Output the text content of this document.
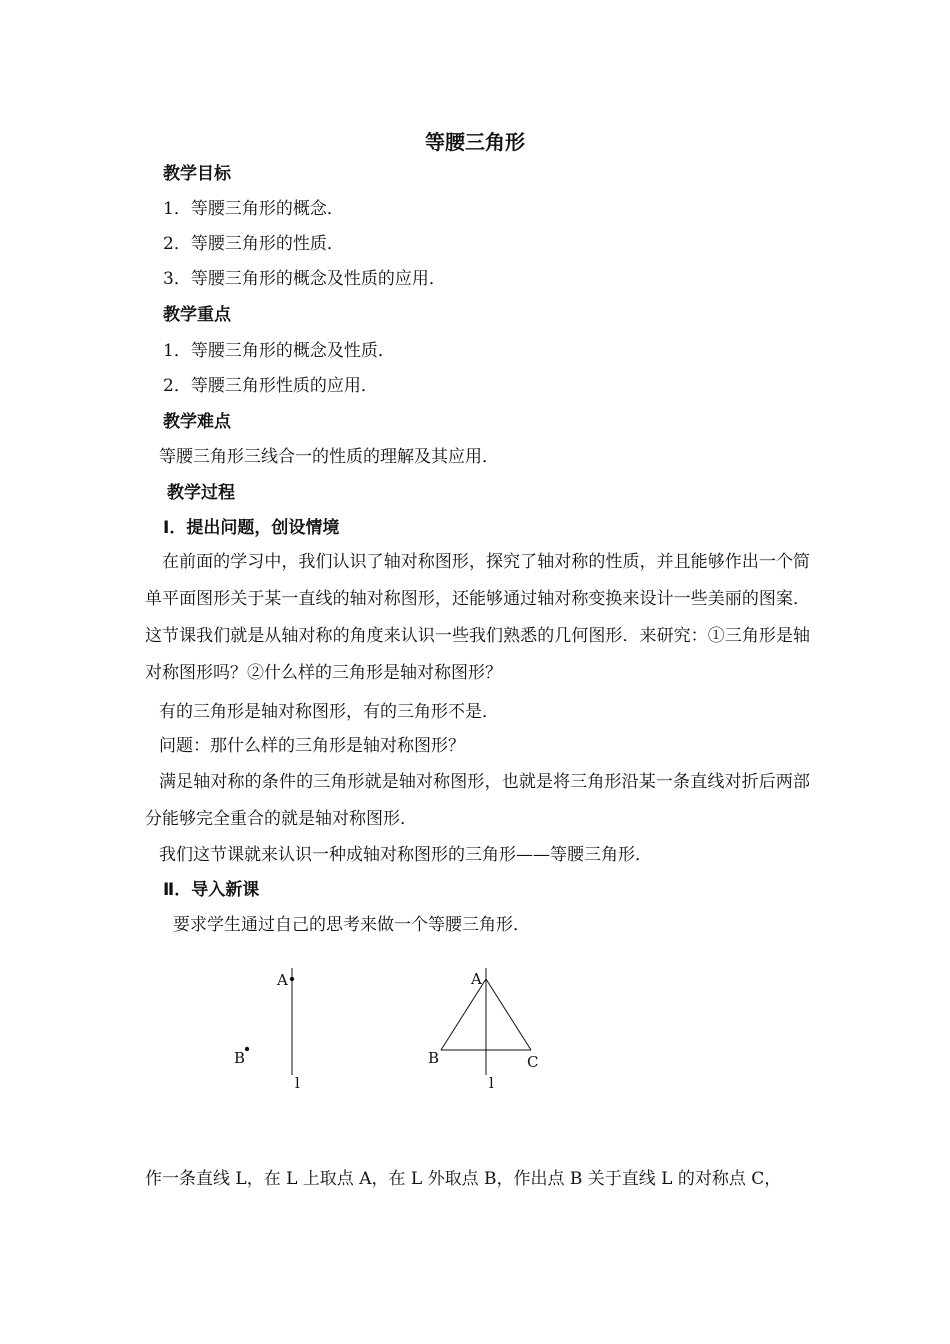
等腰三角形
教学目标
1．等腰三角形的概念．
2．等腰三角形的性质．
3．等腰三角形的概念及性质的应用．
教学重点
1．等腰三角形的概念及性质．
2．等腰三角形性质的应用．
教学难点
等腰三角形三线合一的性质的理解及其应用．
教学过程
Ⅰ．提出问题，创设情境
在前面的学习中，我们认识了轴对称图形，探究了轴对称的性质，并且能够作出一个简单平面图形关于某一直线的轴对称图形，还能够通过轴对称变换来设计一些美丽的图案．这节课我们就是从轴对称的角度来认识一些我们熟悉的几何图形．来研究：①三角形是轴对称图形吗？②什么样的三角形是轴对称图形？
有的三角形是轴对称图形，有的三角形不是．
问题：那什么样的三角形是轴对称图形？
满足轴对称的条件的三角形就是轴对称图形，也就是将三角形沿某一条直线对折后两部分能够完全重合的就是轴对称图形．
我们这节课就来认识一种成轴对称图形的三角形——等腰三角形．
Ⅱ．导入新课
要求学生通过自己的思考来做一个等腰三角形．
A
B
l
A
B	C
l
作一条直线 L，在 L 上取点 A，在 L 外取点 B，作出点 B 关于直线 L 的对称点 C，
